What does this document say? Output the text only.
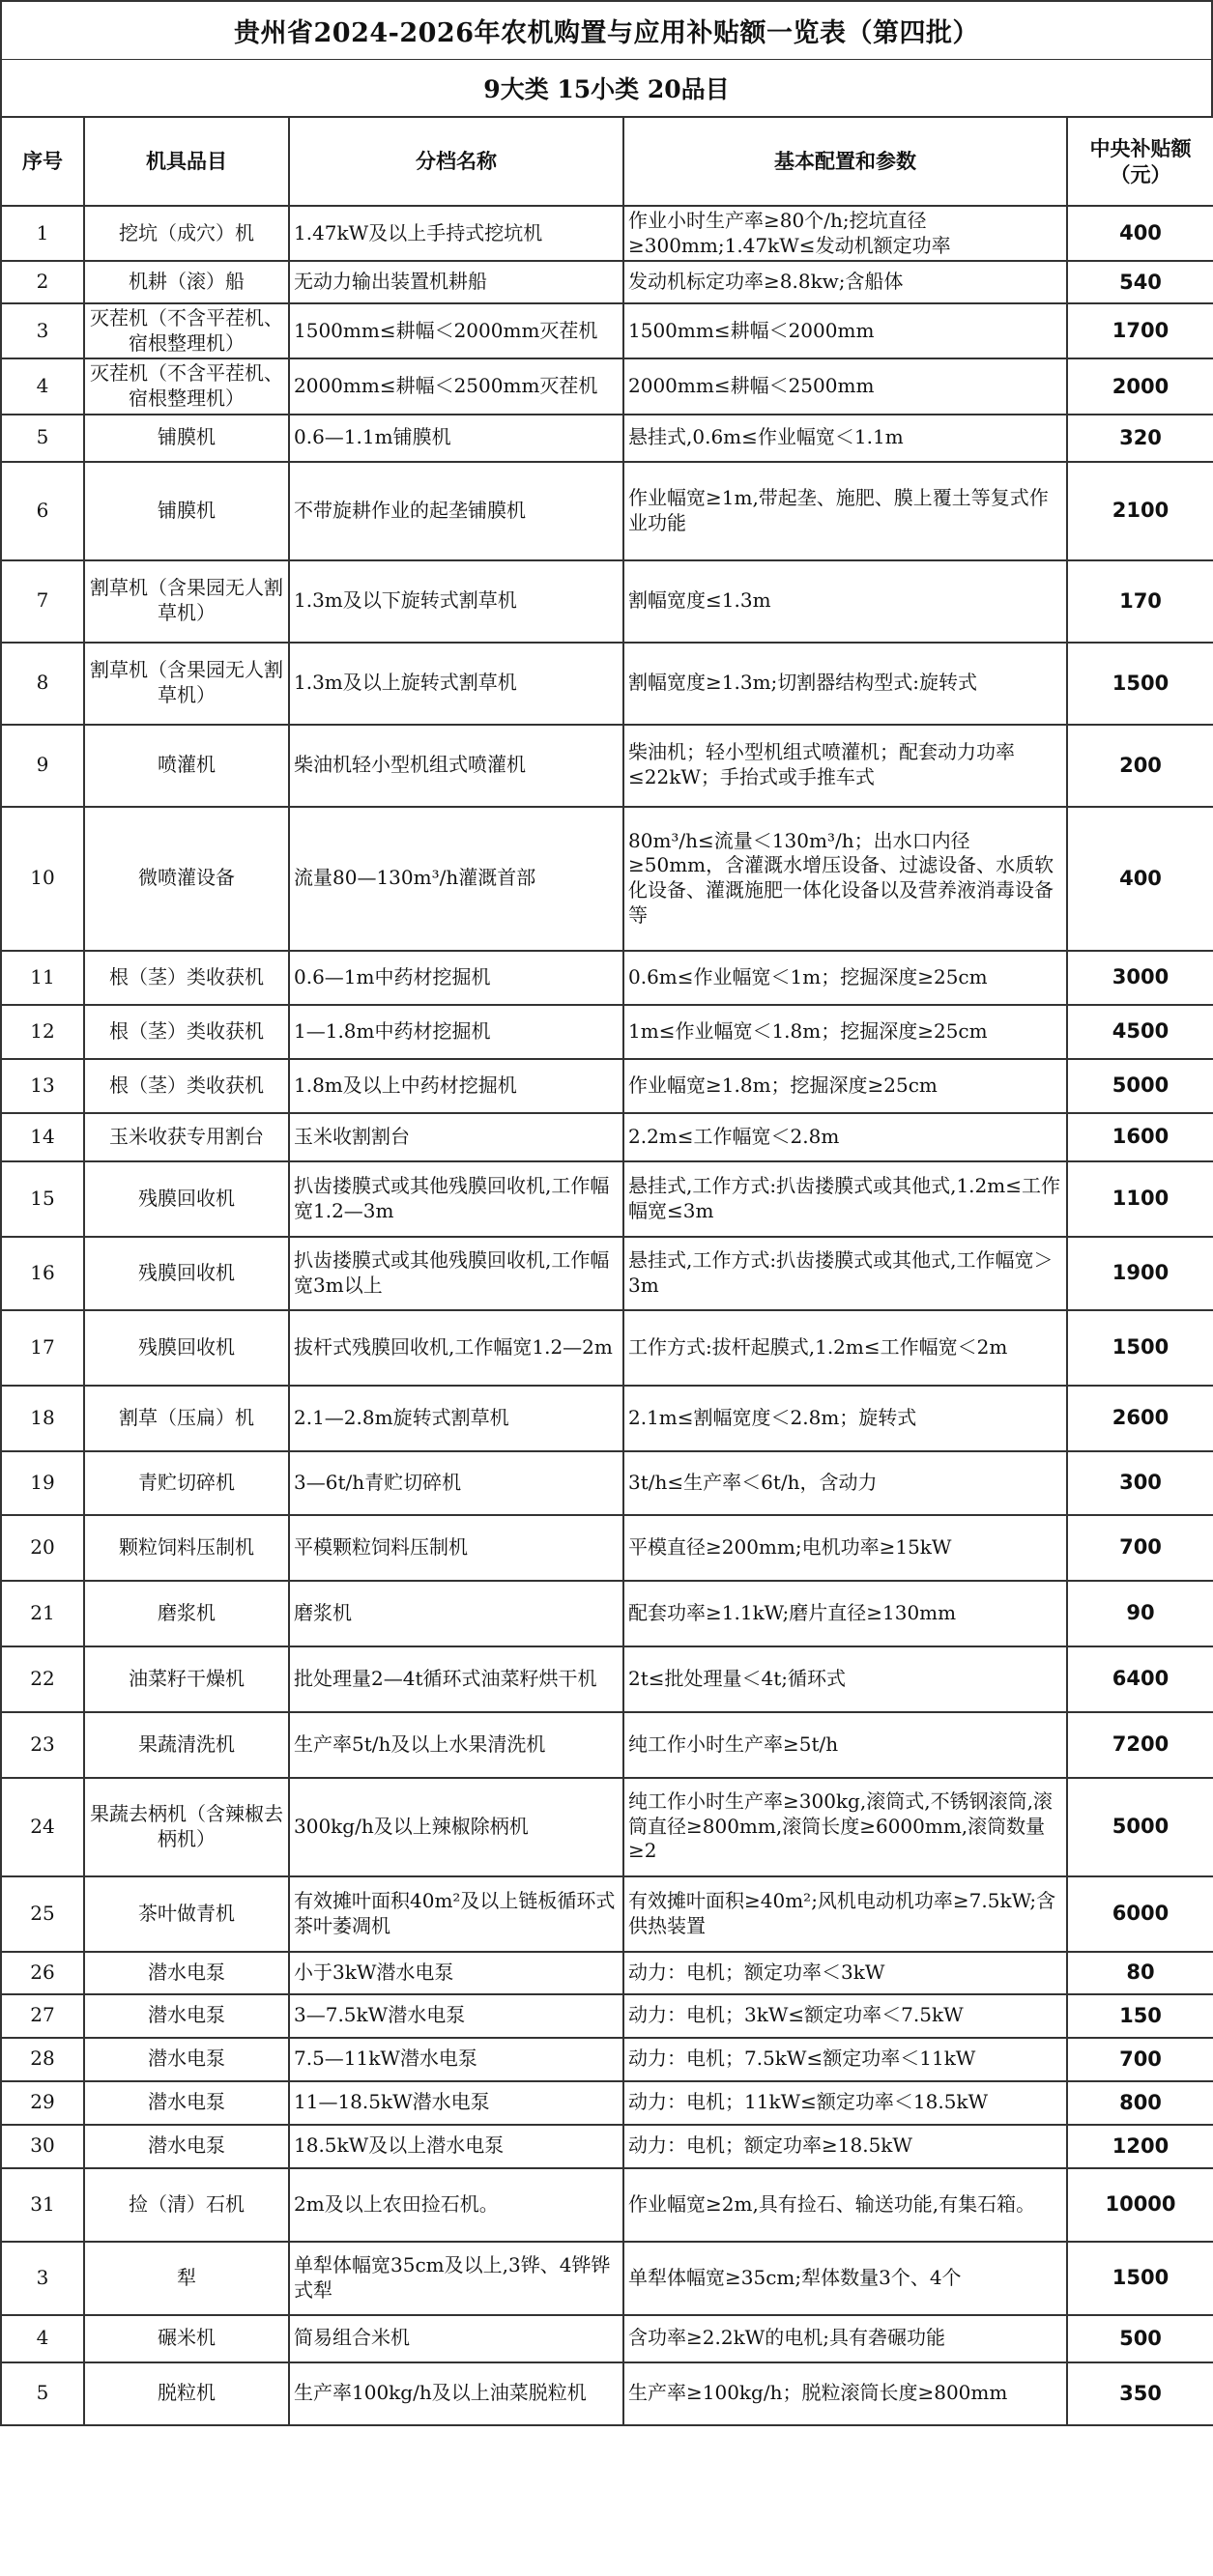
贵州省2024-2026年农机购置与应用补贴额一览表（第四批）
9大类 15小类 20品目
序号	机具品目	分档名称	基本配置和参数	中央补贴额（元）
1	挖坑（成穴）机	1.47kW及以上手持式挖坑机	作业小时生产率≥80个/h;挖坑直径≥300mm;1.47kW≤发动机额定功率	400
2	机耕（滚）船	无动力输出装置机耕船	发动机标定功率≥8.8kw;含船体	540
3	灭茬机（不含平茬机、宿根整理机）	1500mm≤耕幅＜2000mm灭茬机	1500mm≤耕幅＜2000mm	1700
4	灭茬机（不含平茬机、宿根整理机）	2000mm≤耕幅＜2500mm灭茬机	2000mm≤耕幅＜2500mm	2000
5	铺膜机	0.6—1.1m铺膜机	悬挂式,0.6m≤作业幅宽＜1.1m	320
6	铺膜机	不带旋耕作业的起垄铺膜机	作业幅宽≥1m,带起垄、施肥、膜上覆土等复式作业功能	2100
7	割草机（含果园无人割草机）	1.3m及以下旋转式割草机	割幅宽度≤1.3m	170
8	割草机（含果园无人割草机）	1.3m及以上旋转式割草机	割幅宽度≥1.3m;切割器结构型式:旋转式	1500
9	喷灌机	柴油机轻小型机组式喷灌机	柴油机；轻小型机组式喷灌机；配套动力功率≤22kW；手抬式或手推车式	200
10	微喷灌设备	流量80—130m³/h灌溉首部	80m³/h≤流量＜130m³/h；出水口内径≥50mm，含灌溉水增压设备、过滤设备、水质软化设备、灌溉施肥一体化设备以及营养液消毒设备等	400
11	根（茎）类收获机	0.6—1m中药材挖掘机	0.6m≤作业幅宽＜1m；挖掘深度≥25cm	3000
12	根（茎）类收获机	1—1.8m中药材挖掘机	1m≤作业幅宽＜1.8m；挖掘深度≥25cm	4500
13	根（茎）类收获机	1.8m及以上中药材挖掘机	作业幅宽≥1.8m；挖掘深度≥25cm	5000
14	玉米收获专用割台	玉米收割割台	2.2m≤工作幅宽＜2.8m	1600
15	残膜回收机	扒齿搂膜式或其他残膜回收机,工作幅宽1.2—3m	悬挂式,工作方式:扒齿搂膜式或其他式,1.2m≤工作幅宽≤3m	1100
16	残膜回收机	扒齿搂膜式或其他残膜回收机,工作幅宽3m以上	悬挂式,工作方式:扒齿搂膜式或其他式,工作幅宽＞3m	1900
17	残膜回收机	拔杆式残膜回收机,工作幅宽1.2—2m	工作方式:拔杆起膜式,1.2m≤工作幅宽＜2m	1500
18	割草（压扁）机	2.1—2.8m旋转式割草机	2.1m≤割幅宽度＜2.8m；旋转式	2600
19	青贮切碎机	3—6t/h青贮切碎机	3t/h≤生产率＜6t/h，含动力	300
20	颗粒饲料压制机	平模颗粒饲料压制机	平模直径≥200mm;电机功率≥15kW	700
21	磨浆机	磨浆机	配套功率≥1.1kW;磨片直径≥130mm	90
22	油菜籽干燥机	批处理量2—4t循环式油菜籽烘干机	2t≤批处理量＜4t;循环式	6400
23	果蔬清洗机	生产率5t/h及以上水果清洗机	纯工作小时生产率≥5t/h	7200
24	果蔬去柄机（含辣椒去柄机）	300kg/h及以上辣椒除柄机	纯工作小时生产率≥300kg,滚筒式,不锈钢滚筒,滚筒直径≥800mm,滚筒长度≥6000mm,滚筒数量≥2	5000
25	茶叶做青机	有效摊叶面积40m²及以上链板循环式茶叶萎凋机	有效摊叶面积≥40m²;风机电动机功率≥7.5kW;含供热装置	6000
26	潜水电泵	小于3kW潜水电泵	动力：电机；额定功率＜3kW	80
27	潜水电泵	3—7.5kW潜水电泵	动力：电机；3kW≤额定功率＜7.5kW	150
28	潜水电泵	7.5—11kW潜水电泵	动力：电机；7.5kW≤额定功率＜11kW	700
29	潜水电泵	11—18.5kW潜水电泵	动力：电机；11kW≤额定功率＜18.5kW	800
30	潜水电泵	18.5kW及以上潜水电泵	动力：电机；额定功率≥18.5kW	1200
31	捡（清）石机	2m及以上农田捡石机。	作业幅宽≥2m,具有捡石、输送功能,有集石箱。	10000
3	犁	单犁体幅宽35cm及以上,3铧、4铧铧式犁	单犁体幅宽≥35cm;犁体数量3个、4个	1500
4	碾米机	简易组合米机	含功率≥2.2kW的电机;具有砻碾功能	500
5	脱粒机	生产率100kg/h及以上油菜脱粒机	生产率≥100kg/h；脱粒滚筒长度≥800mm	350
